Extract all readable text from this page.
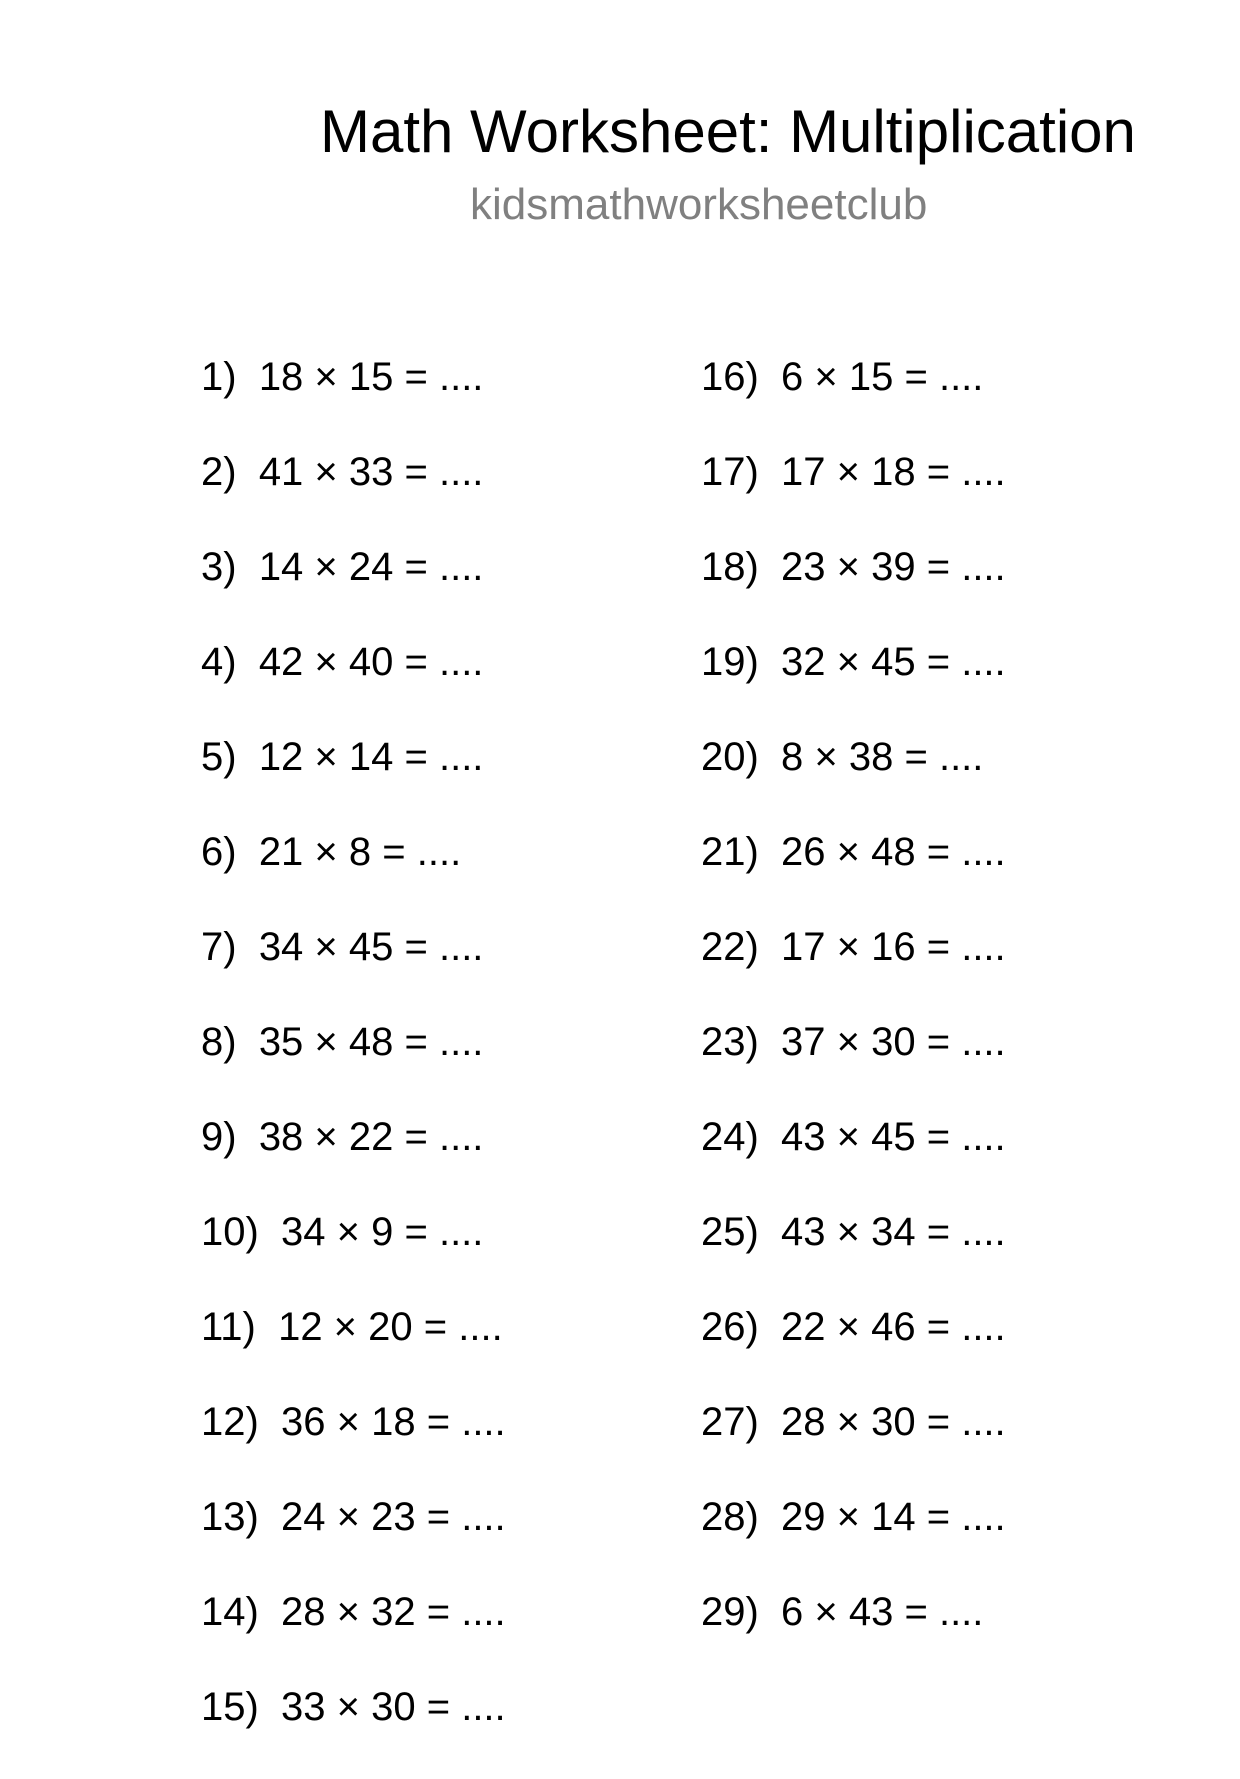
Math Worksheet: Multiplication
kidsmathworksheetclub
1) 18 × 15 = ....
2) 41 × 33 = ....
3) 14 × 24 = ....
4) 42 × 40 = ....
5) 12 × 14 = ....
6) 21 × 8 = ....
7) 34 × 45 = ....
8) 35 × 48 = ....
9) 38 × 22 = ....
10) 34 × 9 = ....
11) 12 × 20 = ....
12) 36 × 18 = ....
13) 24 × 23 = ....
14) 28 × 32 = ....
15) 33 × 30 = ....
16) 6 × 15 = ....
17) 17 × 18 = ....
18) 23 × 39 = ....
19) 32 × 45 = ....
20) 8 × 38 = ....
21) 26 × 48 = ....
22) 17 × 16 = ....
23) 37 × 30 = ....
24) 43 × 45 = ....
25) 43 × 34 = ....
26) 22 × 46 = ....
27) 28 × 30 = ....
28) 29 × 14 = ....
29) 6 × 43 = ....
